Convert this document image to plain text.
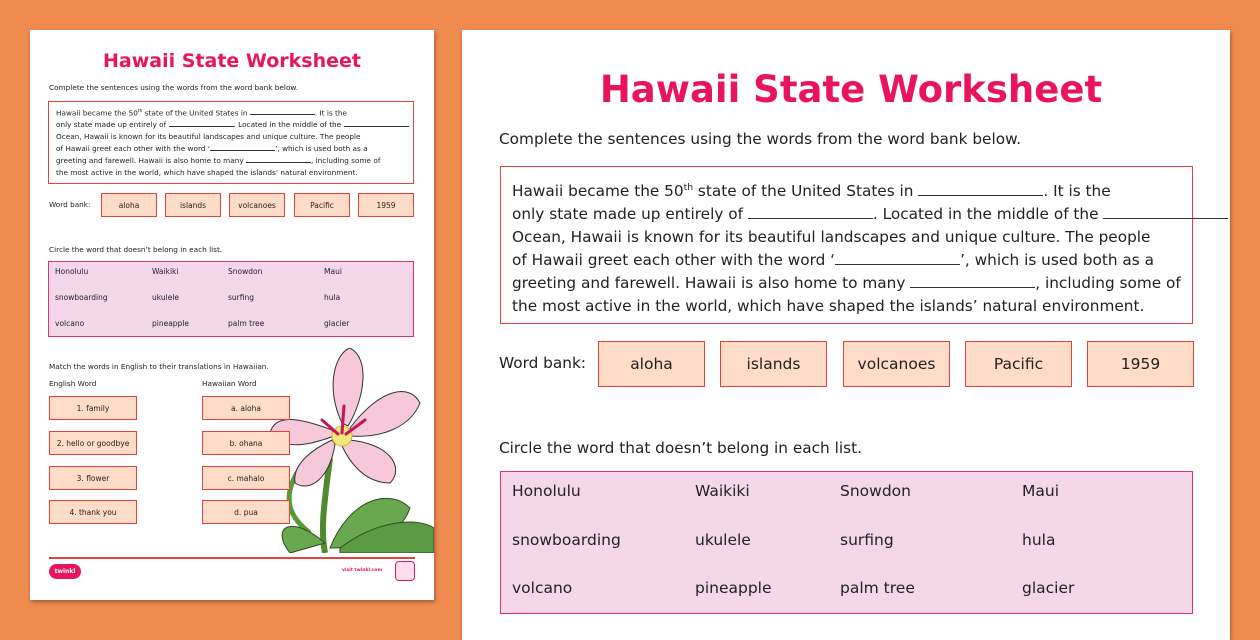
Hawaii State Worksheet
Complete the sentences using the words from the word bank below.

Hawaii became the 50th state of the United States in	. It is the

only state made up entirely of	. Located in the middle of the

Ocean, Hawaii is known for its beautiful landscapes and unique culture. The people

of Hawaii greet each other with the word ‘	’, which is used both as a

greeting and farewell. Hawaii is also home to many	, including some of

the most active in the world, which have shaped the islands’ natural environment.

Word bank:	aloha	islands	volcanoes	Pacific	1959
Circle the word that doesn’t belong in each list.
Honolulu	Waikiki	Snowdon	Maui
snowboarding	ukulele	surfing	hula
volcano	pineapple	palm tree	glacier
Match the words in English to their translations in Hawaiian.
English Word	Hawaiian Word
twinkl	visit twinkl.com
1. family	a. aloha
2. hello or goodbye	b. ohana
3. flower	c. mahalo
4. thank you	d. pua
Hawaii State Worksheet
Complete the sentences using the words from the word bank below.

Hawaii became the 50th state of the United States in	. It is the

only state made up entirely of	. Located in the middle of the

Ocean, Hawaii is known for its beautiful landscapes and unique culture. The people

of Hawaii greet each other with the word ‘	’, which is used both as a

greeting and farewell. Hawaii is also home to many	, including some of

the most active in the world, which have shaped the islands’ natural environment.

Word bank:	aloha	islands	volcanoes	Pacific	1959
Circle the word that doesn’t belong in each list.
Honolulu	Waikiki	Snowdon	Maui
snowboarding	ukulele	surfing	hula
volcano	pineapple	palm tree	glacier
